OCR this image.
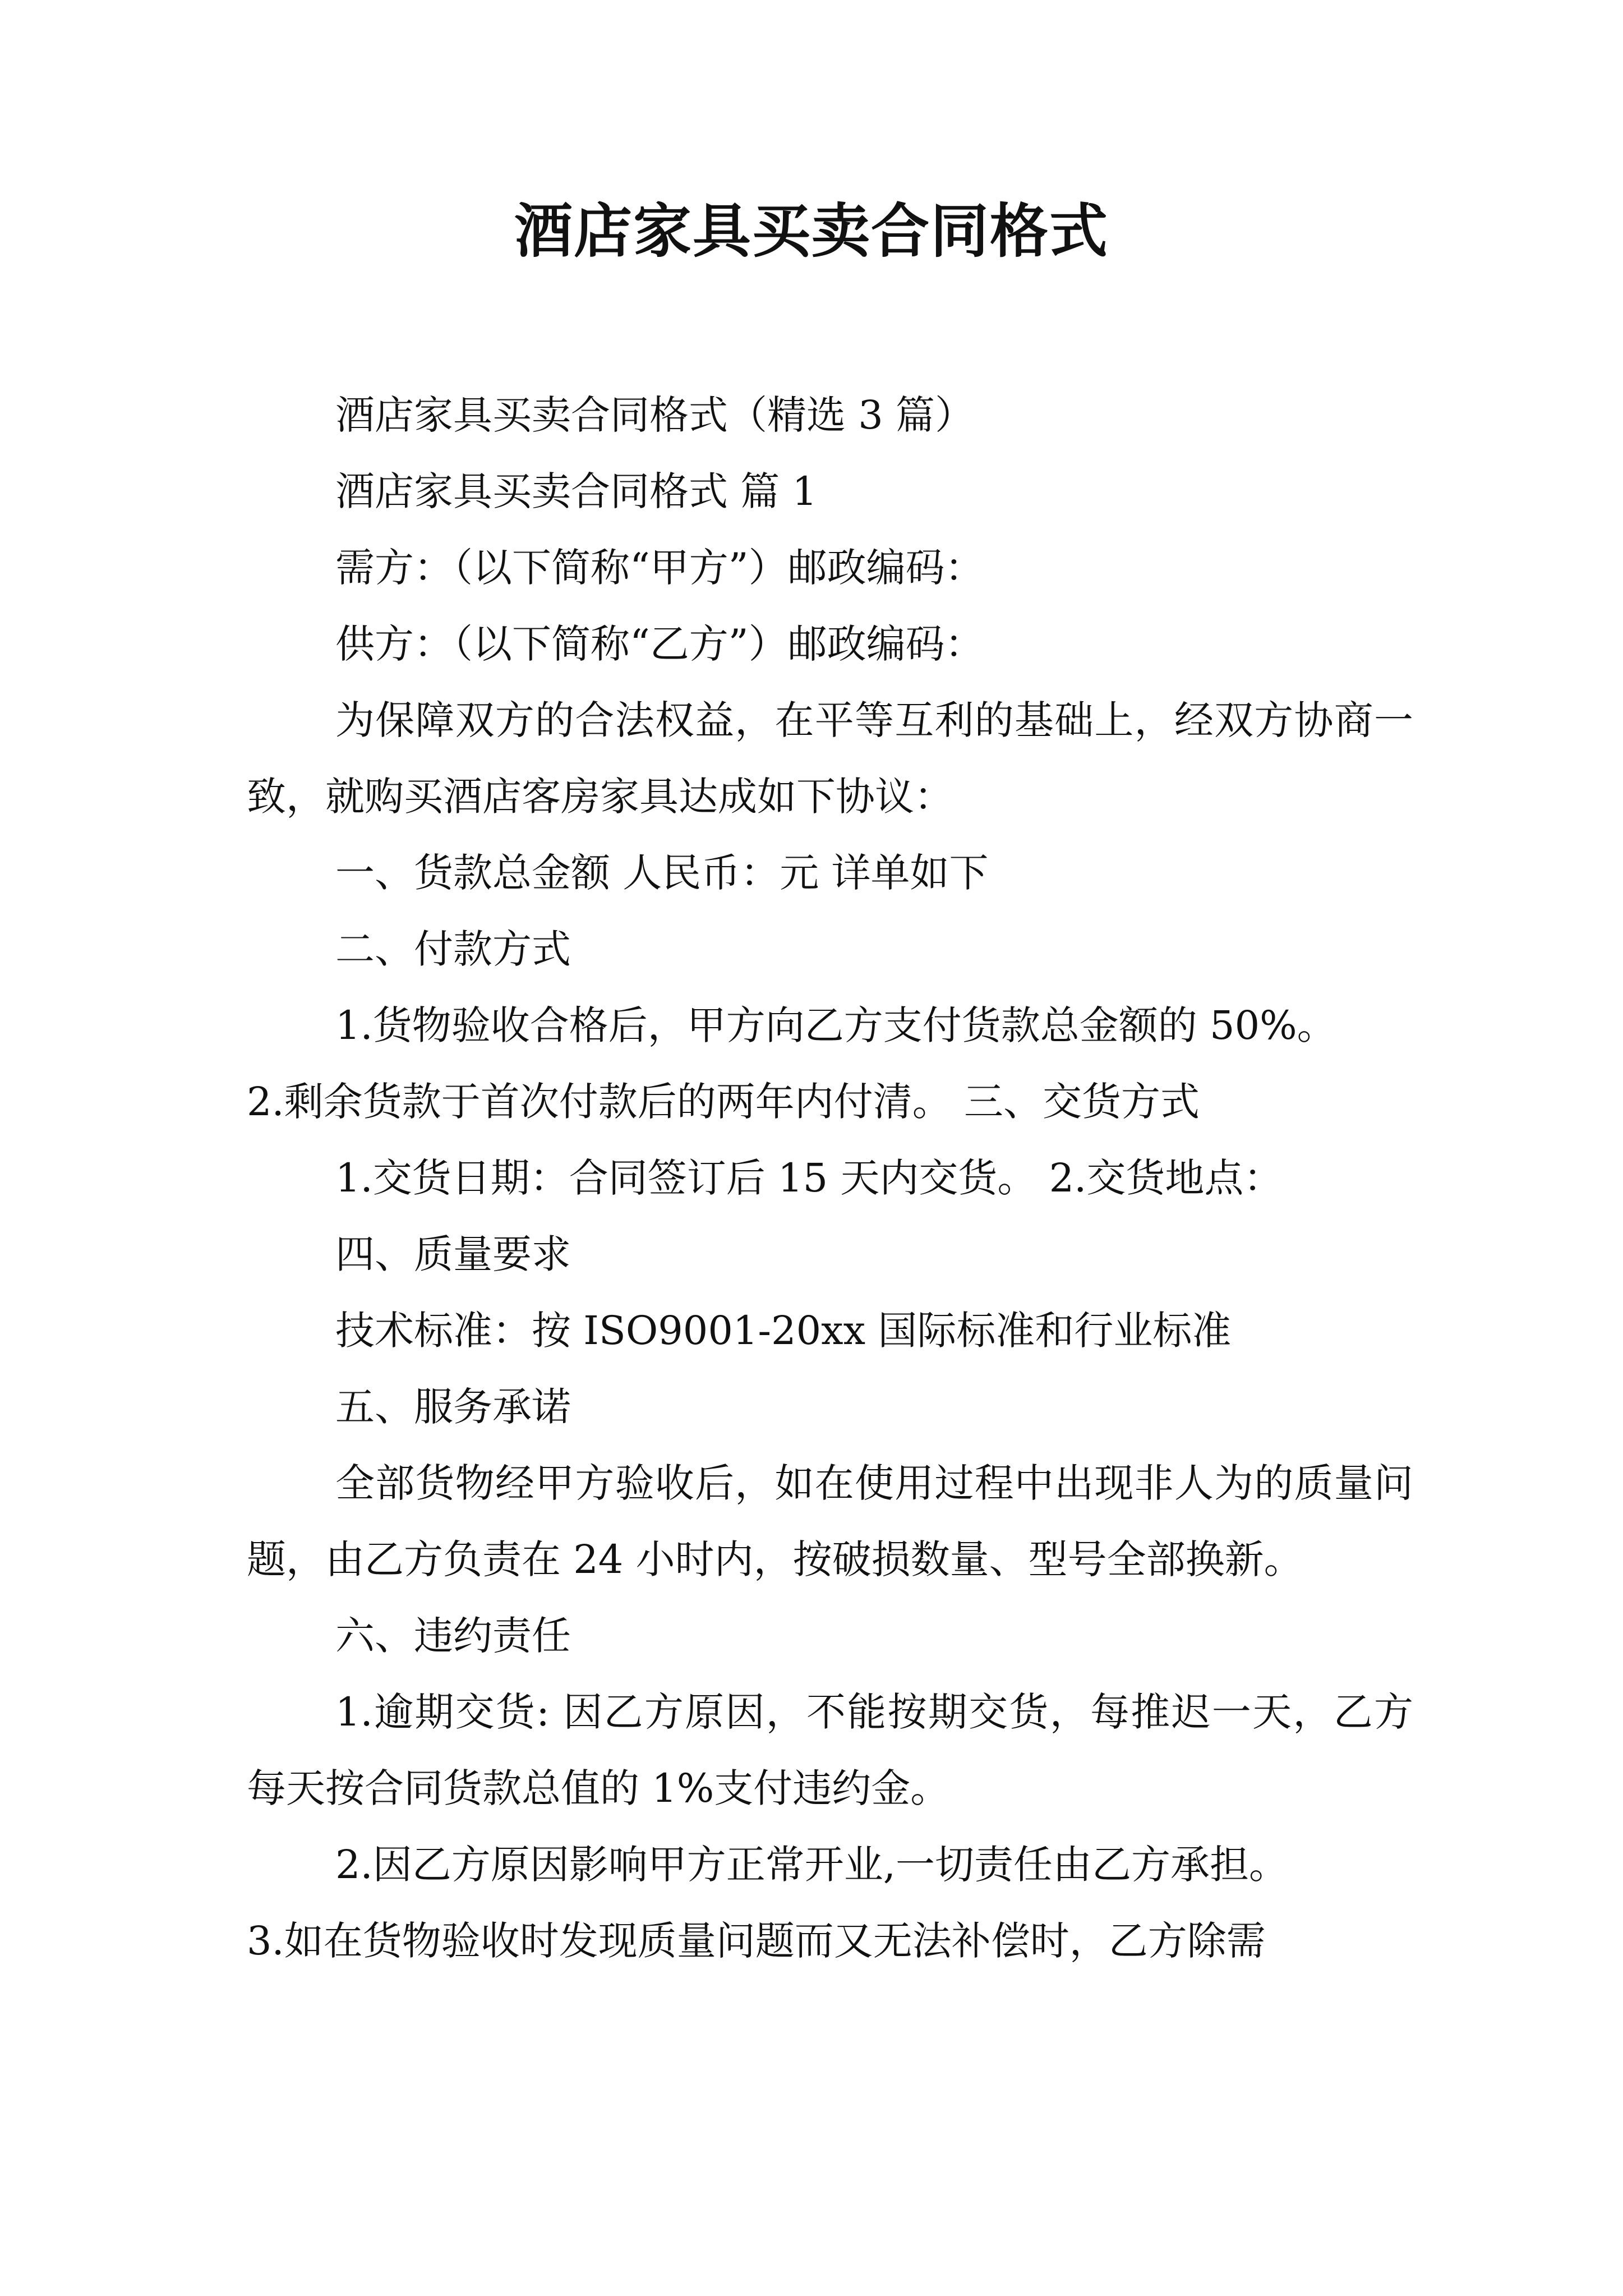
酒店家具买卖合同格式

酒店家具买卖合同格式（精选 3 篇）

酒店家具买卖合同格式 篇 1

需方：（以下简称“甲方”）邮政编码：

供方：（以下简称“乙方”）邮政编码：

为保障双方的合法权益，在平等互利的基础上，经双方协商一致，就购买酒店客房家具达成如下协议：

一、货款总金额 人民币：元 详单如下

二、付款方式

1.货物验收合格后，甲方向乙方支付货款总金额的 50%。

2.剩余货款于首次付款后的两年内付清。 三、交货方式

1.交货日期：合同签订后 15 天内交货。 2.交货地点：

四、质量要求

技术标准：按 ISO9001-20xx 国际标准和行业标准

五、服务承诺

全部货物经甲方验收后，如在使用过程中出现非人为的质量问题，由乙方负责在 24 小时内，按破损数量、型号全部换新。

六、违约责任

1.逾期交货: 因乙方原因，不能按期交货，每推迟一天，乙方每天按合同货款总值的 1%支付违约金。

2.因乙方原因影响甲方正常开业,一切责任由乙方承担。

3.如在货物验收时发现质量问题而又无法补偿时，乙方除需
